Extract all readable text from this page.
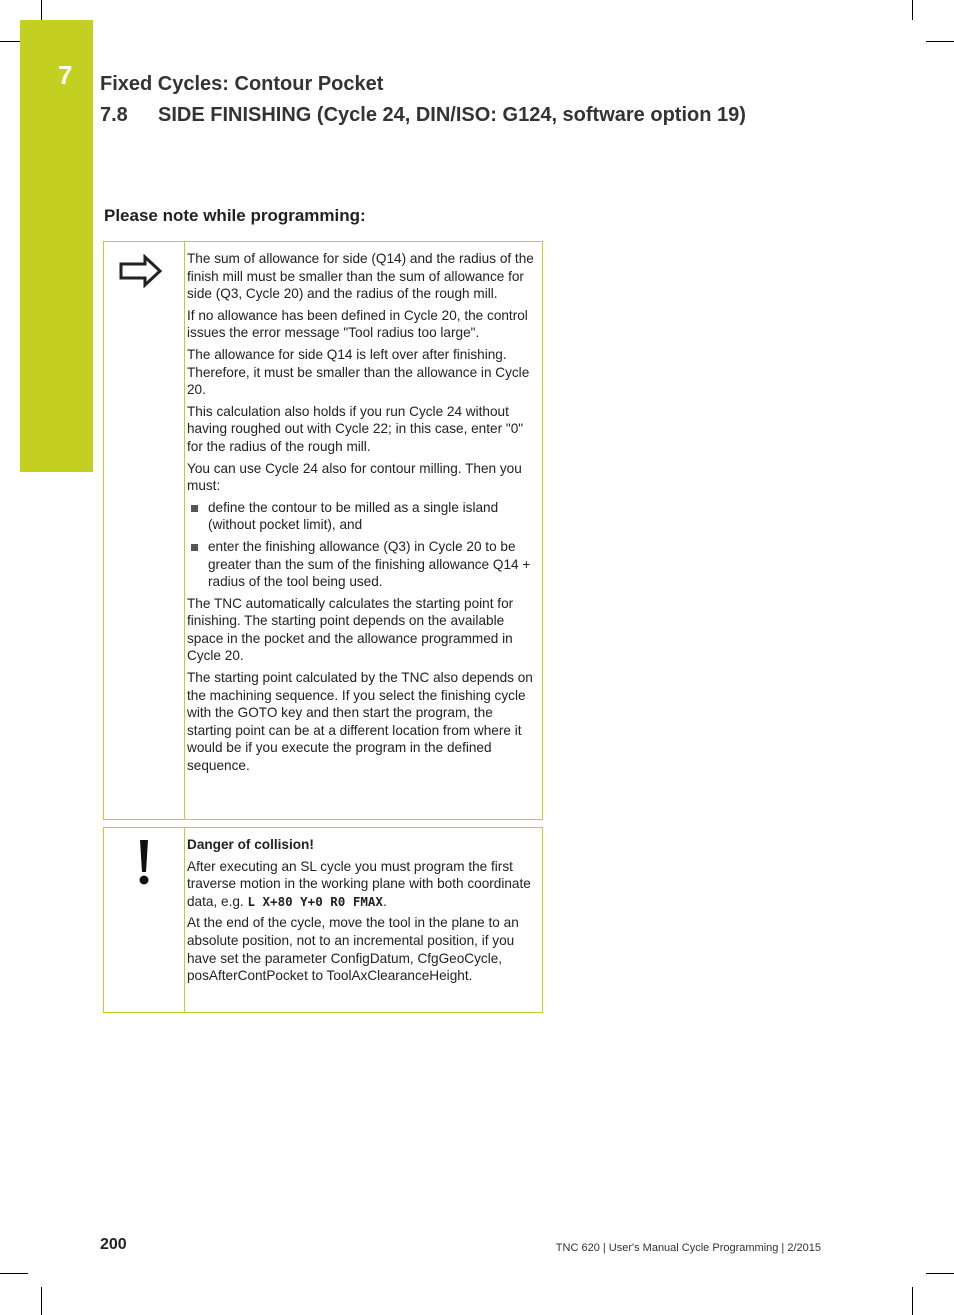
7 Fixed Cycles: Contour Pocket
7.8 SIDE FINISHING (Cycle 24, DIN/ISO: G124, software option 19)
Please note while programming:

The sum of allowance for side (Q14) and the radius of the finish mill must be smaller than the sum of allowance for side (Q3, Cycle 20) and the radius of the rough mill.

If no allowance has been defined in Cycle 20, the control issues the error message "Tool radius too large".

The allowance for side Q14 is left over after finishing. Therefore, it must be smaller than the allowance in Cycle 20.

This calculation also holds if you run Cycle 24 without having roughed out with Cycle 22; in this case, enter "0" for the radius of the rough mill.

You can use Cycle 24 also for contour milling. Then you must:

define the contour to be milled as a single island (without pocket limit), and
enter the finishing allowance (Q3) in Cycle 20 to be greater than the sum of the finishing allowance Q14 + radius of the tool being used.

The TNC automatically calculates the starting point for finishing. The starting point depends on the available space in the pocket and the allowance programmed in Cycle 20.

The starting point calculated by the TNC also depends on the machining sequence. If you select the finishing cycle with the GOTO key and then start the program, the starting point can be at a different location from where it would be if you execute the program in the defined sequence.

Danger of collision!

After executing an SL cycle you must program the first traverse motion in the working plane with both coordinate data, e.g. L X+80 Y+0 R0 FMAX.

At the end of the cycle, move the tool in the plane to an absolute position, not to an incremental position, if you have set the parameter ConfigDatum, CfgGeoCycle, posAfterContPocket to ToolAxClearanceHeight.

200	TNC 620 | User's Manual Cycle Programming | 2/2015
